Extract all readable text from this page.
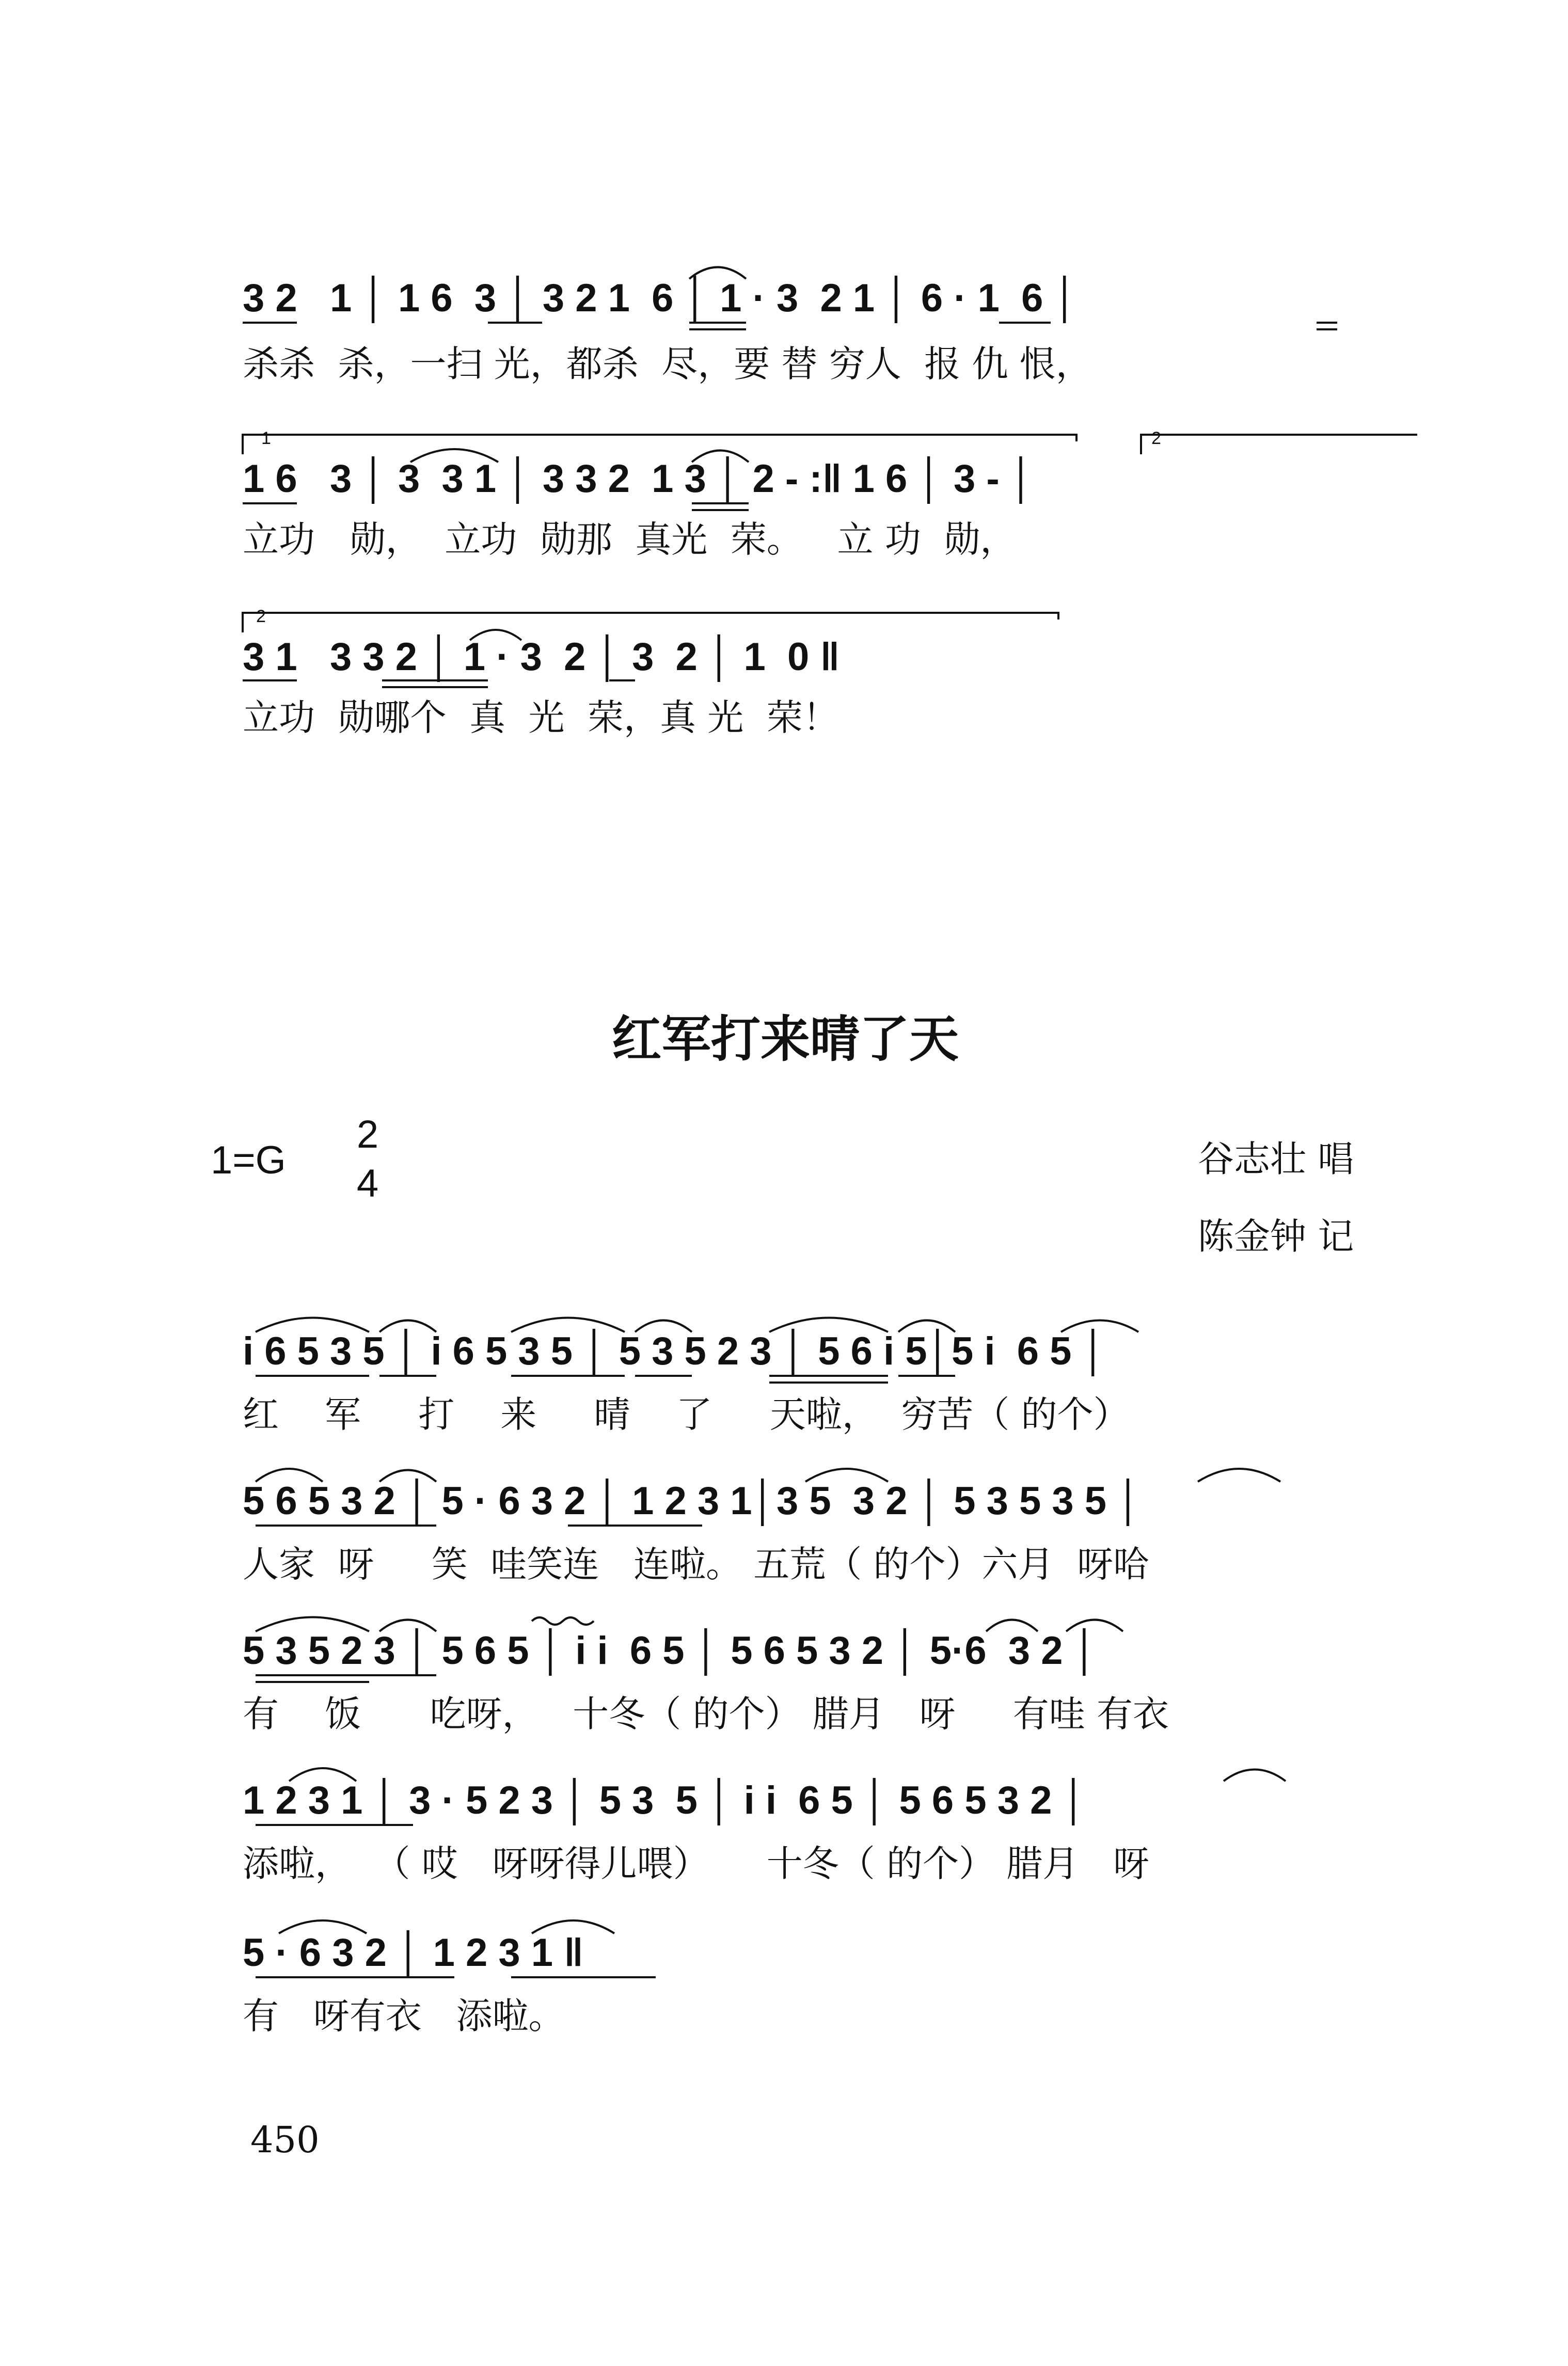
3 2   1 │ 1 6  3 │ 3 2 1  6 │ 1 · 3  2 1 │ 6 · 1  6 │
杀杀  杀，一扫 光，都杀  尽，要 替 穷人  报 仇 恨，
1	2
1 6   3 │ 3  3 1 │ 3 3 2  1 3 │ 2 - :‖ 1 6 │ 3 - │
立功   勋，  立功  勋那  真光  荣。   立 功  勋，
2
3 1   3 3 2 │ 1 · 3  2 │ 3  2 │ 1  0 ‖
立功  勋哪个  真  光  荣，真 光  荣！
红军打来晴了天
1=G
2
4
谷志壮 唱
陈金钟 记
i 6 5 3 5 │ i 6 5 3 5 │ 5 3 5 2 3 │ 5 6 i 5│5 i  6 5 │
红    军     打    来     晴    了     天啦，  穷苦（ 的个）
5 6 5 3 2 │ 5 · 6 3 2 │ 1 2 3 1│3 5  3 2 │ 5 3 5 3 5 │
人家  呀     笑  哇笑连   连啦。 五荒（ 的个）六月  呀哈
5 3 5 2 3 │ 5 6 5 │ i i  6 5 │ 5 6 5 3 2 │ 5·6  3 2 │
有    饭      吃呀，   十冬（ 的个） 腊月   呀     有哇 有衣
1 2 3 1 │ 3 · 5 2 3 │ 5 3  5 │ i i  6 5 │ 5 6 5 3 2 │
添啦，  （ 哎   呀呀得儿喂）     十冬（ 的个） 腊月   呀
5 · 6 3 2 │ 1 2 3 1 ‖
有   呀有衣   添啦。
450
